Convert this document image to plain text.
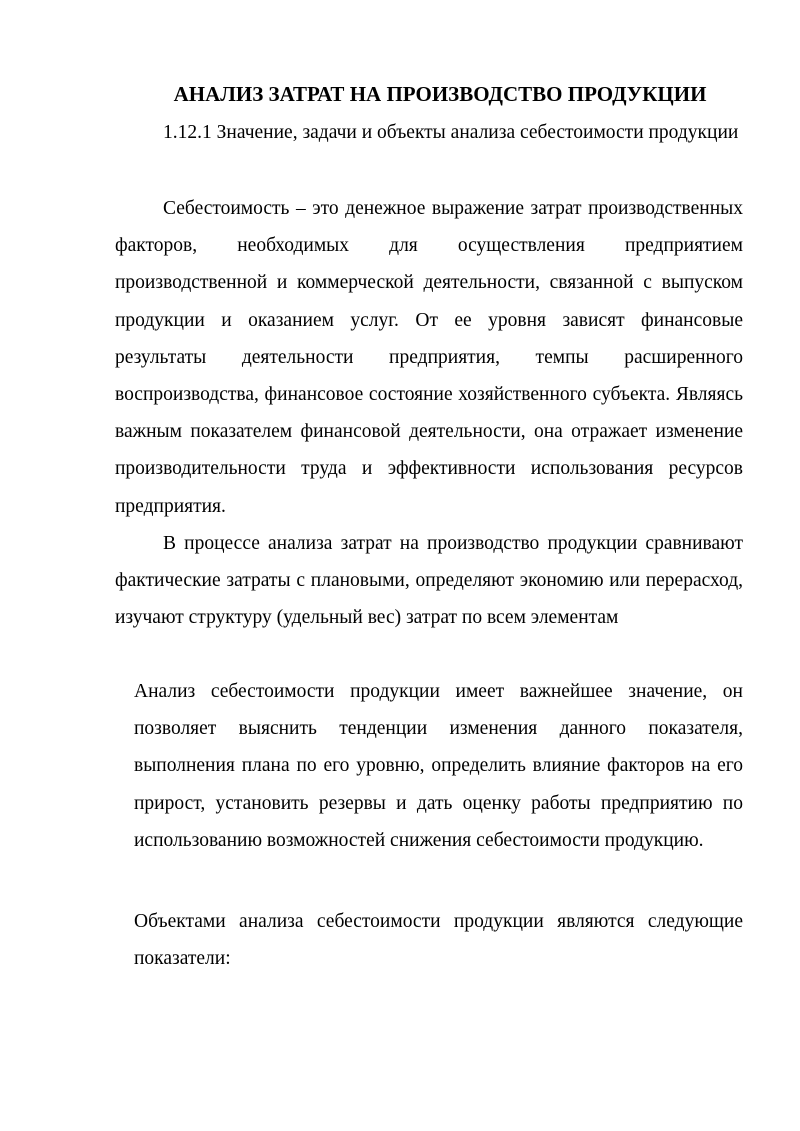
АНАЛИЗ ЗАТРАТ НА ПРОИЗВОДСТВО ПРОДУКЦИИ

1.12.1 Значение, задачи и объекты анализа себестоимости продукции

Себестоимость – это денежное выражение затрат производственных факторов, необходимых для осуществления предприятием производственной и коммерческой деятельности, связанной с выпуском продукции и оказанием услуг. От ее уровня зависят финансовые результаты деятельности предприятия, темпы расширенного воспроизводства, финансовое состояние хозяйственного субъекта. Являясь важным показателем финансовой деятельности, она отражает изменение производительности труда и эффективности использования ресурсов предприятия.

В процессе анализа затрат на производство продукции сравнивают фактические затраты с плановыми, определяют экономию или перерасход, изучают структуру (удельный вес) затрат по всем элементам

Анализ себестоимости продукции имеет важнейшее значение, он позволяет выяснить тенденции изменения данного показателя, выполнения плана по его уровню, определить влияние факторов на его прирост, установить резервы и дать оценку работы предприятию по использованию возможностей снижения себестоимости продукцию.

Объектами анализа себестоимости продукции являются следующие показатели:
